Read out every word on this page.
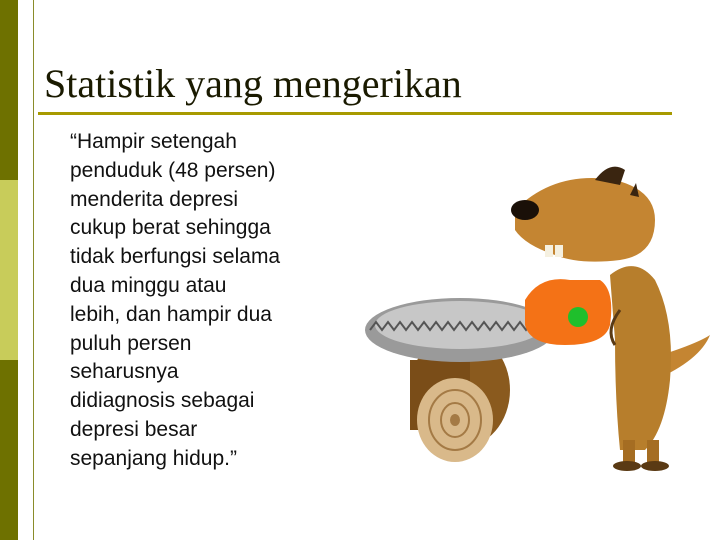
Statistik yang mengerikan

“Hampir setengah
penduduk (48 persen)
menderita depresi
cukup berat sehingga
tidak berfungsi selama
dua minggu atau
lebih, dan hampir dua
puluh persen
seharusnya
didiagnosis sebagai
depresi besar
sepanjang hidup.”
